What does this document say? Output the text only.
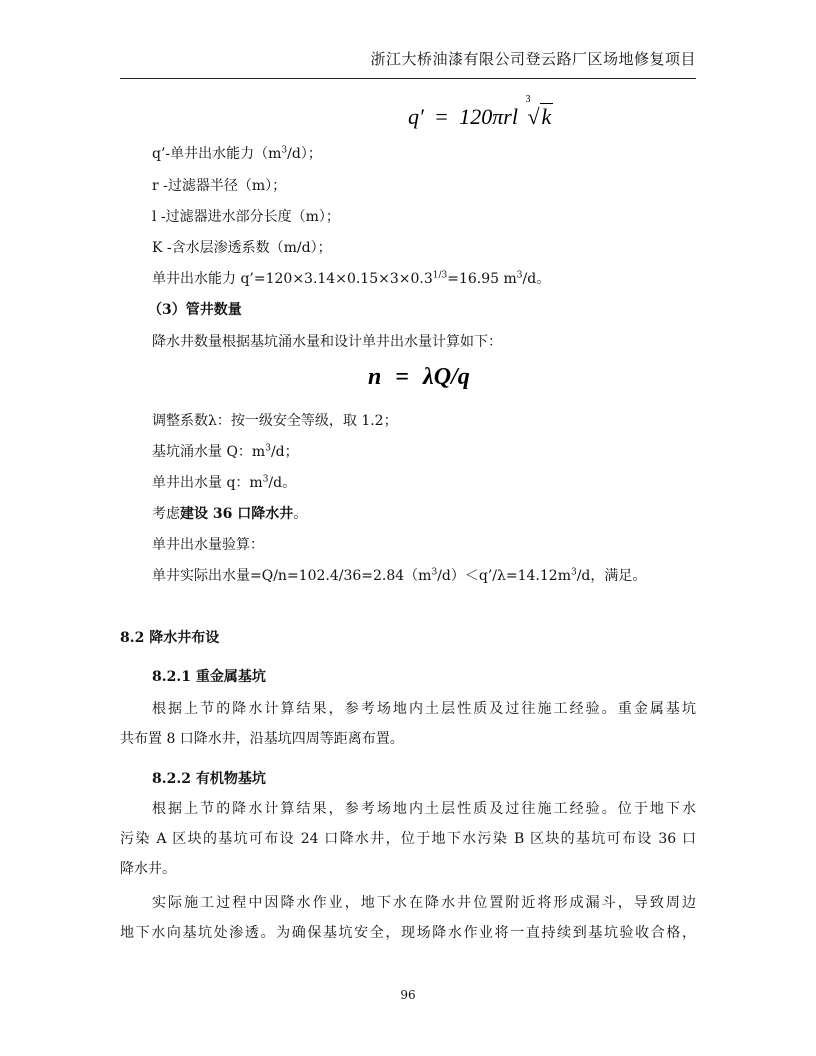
浙江大桥油漆有限公司登云路厂区场地修复项目
q′ = 120πrl
3
√k
q’-单井出水能力$(m^3/d)$；
r -过滤器半径（m）；
l -过滤器进水部分长度（m）；
K -含水层渗透系数（m/d）；
单井出水能力 $q’=120\times 3.14\times 0.15\times 3\times 0.3^{1/3}=16.95$ $m^3/d$。
（3）管井数量
降水井数量根据基坑涌水量和设计单井出水量计算如下：
n = λQ/q
调整系数λ：按一级安全等级，取 1.2；
基坑涌水量 Q：$m^3/d$；
单井出水量 q：$m^3/d$。
考虑建设 36 口降水井。
单井出水量验算：
单井实际出水量$=Q/n=102.4/36=2.84(m^3/d)<q’/\lambda=14.12m^3/d$，满足。
8.2 降水井布设
8.2.1 重金属基坑
根据上节的降水计算结果，参考场地内土层性质及过往施工经验。重金属基坑
共布置 8 口降水井，沿基坑四周等距离布置。
8.2.2 有机物基坑
根据上节的降水计算结果，参考场地内土层性质及过往施工经验。位于地下水
污染 A 区块的基坑可布设 24 口降水井，位于地下水污染 B 区块的基坑可布设 36 口
降水井。
实际施工过程中因降水作业，地下水在降水井位置附近将形成漏斗，导致周边
地下水向基坑处渗透。为确保基坑安全，现场降水作业将一直持续到基坑验收合格，
96
